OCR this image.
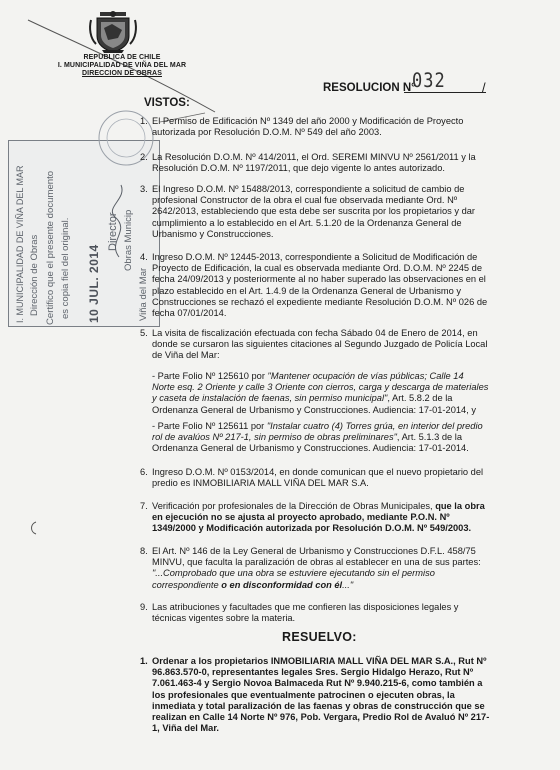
REPUBLICA DE CHILE
I. MUNICIPALIDAD DE VIÑA DEL MAR
DIRECCION DE OBRAS
RESOLUCION N°
032	/
VISTOS:
I. MUNICIPALIDAD DE VIÑA DEL MAR Dirección de Obras Certifico que el presente documento es copia fiel del original. 10 JUL. 2014
Director Obras Municip
Viña del Mar
1. El Permiso de Edificación Nº 1349 del año 2000 y Modificación de Proyecto
autorizada por Resolución D.O.M. Nº 549 del año 2003.
2. La Resolución D.O.M. Nº 414/2011, el Ord. SEREMI MINVU Nº 2561/2011 y la
Resolución D.O.M. Nº 1197/2011, que dejo vigente lo antes autorizado.
3. El Ingreso D.O.M. Nº 15488/2013, correspondiente a solicitud de cambio de
profesional Constructor de la obra el cual fue observada mediante Ord. Nº
2642/2013, estableciendo que esta debe ser suscrita por los propietarios y dar
cumplimiento a lo establecido en el Art. 5.1.20 de la Ordenanza General de
Urbanismo y Construcciones.
4. Ingreso D.O.M. Nº 12445-2013, correspondiente a Solicitud de Modificación de
Proyecto de Edificación, la cual es observada mediante Ord. D.O.M. Nº 2245 de
fecha 24/09/2013 y posteriormente al no haber superado las observaciones en el
plazo establecido en el Art. 1.4.9 de la Ordenanza General de Urbanismo y
Construcciones se rechazó el expediente mediante Resolución D.O.M. Nº 026 de
fecha 07/01/2014.
5. La visita de fiscalización efectuada con fecha Sábado 04 de Enero de 2014, en
donde se cursaron las siguientes citaciones al Segundo Juzgado de Policía Local
de Viña del Mar:
- Parte Folio Nº 125610 por "Mantener ocupación de vías públicas; Calle 14
Norte esq. 2 Oriente y calle 3 Oriente con cierros, carga y descarga de materiales
y caseta de instalación de faenas, sin permiso municipal", Art. 5.8.2 de la
Ordenanza General de Urbanismo y Construcciones. Audiencia: 17-01-2014, y
- Parte Folio Nº 125611 por "Instalar cuatro (4) Torres grúa, en interior del predio
rol de avalúos Nº 217-1, sin permiso de obras preliminares", Art. 5.1.3 de la
Ordenanza General de Urbanismo y Construcciones. Audiencia: 17-01-2014.
6. Ingreso D.O.M. Nº 0153/2014, en donde comunican que el nuevo propietario del
predio es INMOBILIARIA MALL VIÑA DEL MAR S.A.
7. Verificación por profesionales de la Dirección de Obras Municipales, que la obra
en ejecución no se ajusta al proyecto aprobado, mediante P.O.N. Nº
1349/2000 y Modificación autorizada por Resolución D.O.M. Nº 549/2003.
8. El Art. Nº 146 de la Ley General de Urbanismo y Construcciones D.F.L. 458/75
MINVU, que faculta la paralización de obras al establecer en una de sus partes:
"...Comprobado que una obra se estuviere ejecutando sin el permiso
correspondiente o en disconformidad con él..."
9. Las atribuciones y facultades que me confieren las disposiciones legales y
técnicas vigentes sobre la materia.
RESUELVO:
1. Ordenar a los propietarios INMOBILIARIA MALL VIÑA DEL MAR S.A., Rut Nº
96.863.570-0, representantes legales Sres. Sergio Hidalgo Herazo, Rut Nº
7.061.463-4 y Sergio Novoa Balmaceda Rut Nº 9.940.215-6, como también a
los profesionales que eventualmente patrocinen o ejecuten obras, la
inmediata y total paralización de las faenas y obras de construcción que se
realizan en Calle 14 Norte Nº 976, Pob. Vergara, Predio Rol de Avaluó Nº 217-
1, Viña del Mar.
